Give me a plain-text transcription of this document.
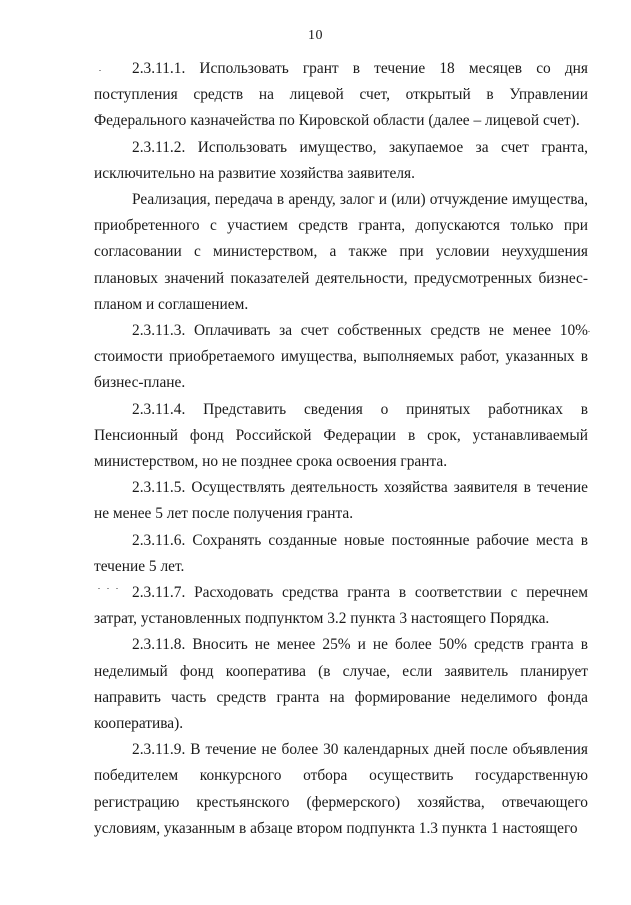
10

2.3.11.1. Использовать грант в течение 18 месяцев со дня поступления средств на лицевой счет, открытый в Управлении Федерального казначейства по Кировской области (далее – лицевой счет).

2.3.11.2. Использовать имущество, закупаемое за счет гранта, исключительно на развитие хозяйства заявителя.

Реализация, передача в аренду, залог и (или) отчуждение имущества, приобретенного с участием средств гранта, допускаются только при согласовании с министерством, а также при условии неухудшения плановых значений показателей деятельности, предусмотренных бизнес-планом и соглашением.

2.3.11.3. Оплачивать за счет собственных средств не менее 10% стоимости приобретаемого имущества, выполняемых работ, указанных в бизнес-плане.

2.3.11.4. Представить сведения о принятых работниках в Пенсионный фонд Российской Федерации в срок, устанавливаемый министерством, но не позднее срока освоения гранта.

2.3.11.5. Осуществлять деятельность хозяйства заявителя в течение не менее 5 лет после получения гранта.

2.3.11.6. Сохранять созданные новые постоянные рабочие места в течение 5 лет.

2.3.11.7. Расходовать средства гранта в соответствии с перечнем затрат, установленных подпунктом 3.2 пункта 3 настоящего Порядка.

2.3.11.8. Вносить не менее 25% и не более 50% средств гранта в неделимый фонд кооператива (в случае, если заявитель планирует направить часть средств гранта на формирование неделимого фонда кооператива).

2.3.11.9. В течение не более 30 календарных дней после объявления победителем конкурсного отбора осуществить государственную регистрацию крестьянского (фермерского) хозяйства, отвечающего условиям, указанным в абзаце втором подпункта 1.3 пункта 1 настоящего
